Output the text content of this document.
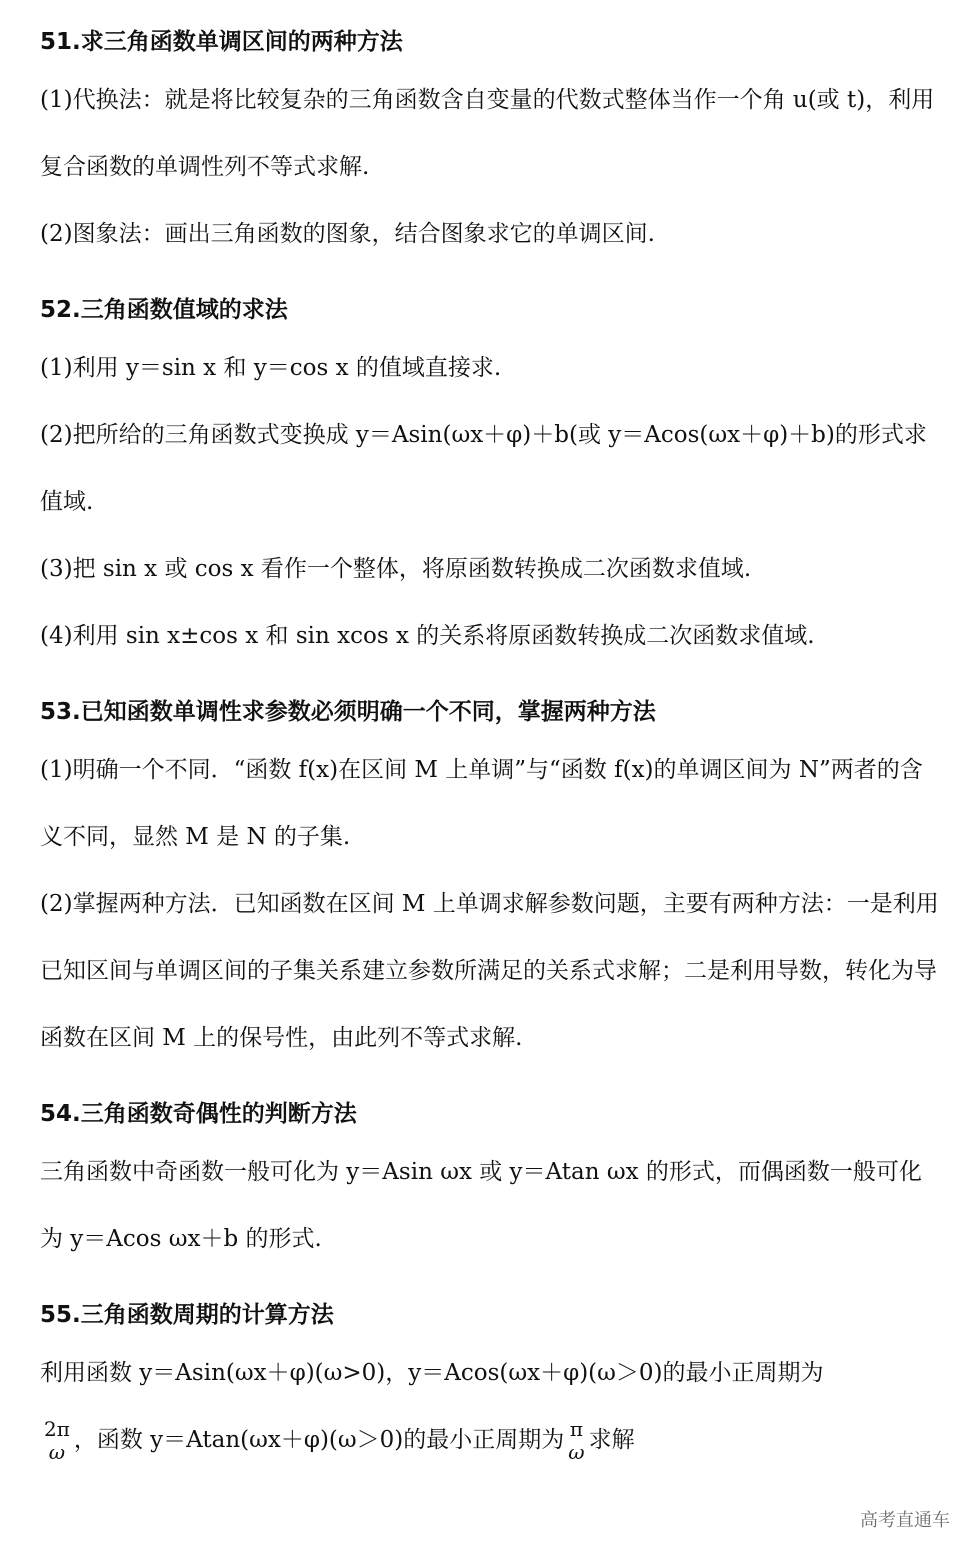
51.求三角函数单调区间的两种方法
(1)代换法：就是将比较复杂的三角函数含自变量的代数式整体当作一个角 u(或 t)，利用复合函数的单调性列不等式求解.
(2)图象法：画出三角函数的图象，结合图象求它的单调区间.
52.三角函数值域的求法
(1)利用 y＝sin x 和 y＝cos x 的值域直接求.
(2)把所给的三角函数式变换成 y＝Asin(ωx＋φ)＋b(或 y＝Acos(ωx＋φ)＋b)的形式求值域.
(3)把 sin x 或 cos x 看作一个整体，将原函数转换成二次函数求值域.
(4)利用 sin x±cos x 和 sin xcos x 的关系将原函数转换成二次函数求值域.
53.已知函数单调性求参数必须明确一个不同，掌握两种方法
(1)明确一个不同．“函数 f(x)在区间 M 上单调”与“函数 f(x)的单调区间为 N”两者的含义不同，显然 M 是 N 的子集.
(2)掌握两种方法．已知函数在区间 M 上单调求解参数问题，主要有两种方法：一是利用已知区间与单调区间的子集关系建立参数所满足的关系式求解；二是利用导数，转化为导函数在区间 M 上的保号性，由此列不等式求解.
54.三角函数奇偶性的判断方法
三角函数中奇函数一般可化为 y＝Asin ωx 或 y＝Atan ωx 的形式，而偶函数一般可化为 y＝Acos ωx＋b 的形式.
55.三角函数周期的计算方法
利用函数 y＝Asin(ωx＋φ)(ω>0)，y＝Acos(ωx＋φ)(ω＞0)的最小正周期为

2π
ω ，函数 y＝Atan(ωx＋φ)(ω＞0)的最小正周期为 π
ω 求解
高考直通车
